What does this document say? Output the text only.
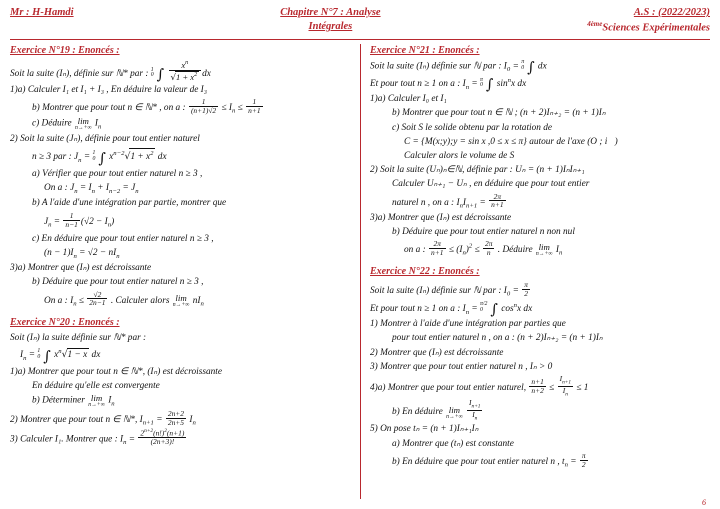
Mr : H-Hamdi	Chapitre N°7 : Analyse
Intégrales
A.S : (2022/2023)
$^{4ème}$Sciences Expérimentales
Exercice N°19 : Enoncés :
Soit la suite (Iₙ), définie sur ℕ* par : 1
0 ∫ $\frac{x^n}{√1 + x^2}$ dx
1)a) Calculer I₁ et I₁ + I₃ , En déduire la valeur de I₃
b) Montrer que pour tout n ∈ ℕ* , on a : $\frac{1}{(n+1)√2} \le I_n \le \frac{1}{n+1}$
c) Déduire lim
n→+∞ $I_n$
2) Soit la suite (Jₙ), définie pour tout entier naturel
n ≥ 3 par : $J_n = 1$
0 ∫ $x^{n-2}√1 + x^2$ dx
a) Vérifier que pour tout entier naturel n ≥ 3 ,
On a : $J_n = I_n + I_{n-2} = J_n$
b) A l'aide d'une intégration par partie, montrer que
$J_n = \frac{1}{n-1} (√2 - I_n)$
c) En déduire que pour tout entier naturel n ≥ 3 ,
$(n - 1)I_n = √2 - nI_n$
3)a) Montrer que (Iₙ) est décroissante
b) Déduire que pour tout entier naturel n ≥ 3 ,
On a : $I_n \le \frac{√2}{2n-1}$ . Calculer alors lim
n→+∞ $nI_n$
Exercice N°20 : Enoncés :
Soit (Iₙ) la suite définie sur ℕ* par :
$I_n = 1$
0 ∫ $x^n√1 - x$ dx
1)a) Montrer que pour tout n ∈ ℕ*, (Iₙ) est décroissante
En déduire qu'elle est convergente
b) Déterminer lim
n→+∞ $I_n$
2) Montrer que pour tout n ∈ ℕ*, $I_{n+1} = \frac{2n+2}{2n+5} I_n$
3) Calculer I₁. Montrer que : $I_n = \frac{2^{n+2}(n!)^2(n+1)}{(2n+3)!}$
Exercice N°21 : Enoncés :
Soit la suite (Iₙ) définie sur ℕ par : $I_0 = \pi$
0 ∫ dx
Et pour tout n ≥ 1 on a : $I_n = \pi$
0 ∫ $\sin^nx$ dx
1)a) Calculer I₀ et I₁
b) Montrer que pour tout n ∈ ℕ ; (n + 2)Iₙ₊₂ = (n + 1)Iₙ
c) Soit S le solide obtenu par la rotation de
C = {M(x;y);y = sin x ,0 ≤ x ≤ π} autour de l'axe (O ; i⃗)
Calculer alors le volume de S
2) Soit la suite (Uₙ)ₙ∈ℕ, définie par : Uₙ = (n + 1)IₙIₙ₊₁
Calculer Uₙ₊₁ − Uₙ , en déduire que pour tout entier
naturel n , on a : $I_nI_{n+1} = \frac{2\pi}{n+1}$
3)a) Montrer que (Iₙ) est décroissante
b) Déduire que pour tout entier naturel n non nul
on a : $\frac{2\pi}{n+1} \le (I_n)^2 \le \frac{2\pi}{n}$ . Déduire lim
n→+∞ $I_n$
Exercice N°22 : Enoncés :
Soit la suite (Iₙ) définie sur ℕ par : $I_0 = \frac{\pi}{2}$
Et pour tout n ≥ 1 on a : $I_n = \pi/2$
0 ∫ $\cos^nx$ dx
1) Montrer à l'aide d'une intégration par parties que
pour tout entier naturel n , on a : (n + 2)Iₙ₊₂ = (n + 1)Iₙ
2) Montrer que (Iₙ) est décroissante
3) Montrer que pour tout entier naturel n , Iₙ > 0
4)a) Montrer que pour tout entier naturel, $\frac{n+1}{n+2} \le \frac{I_{n+1}}{I_n} \le 1$
b) En déduire lim
n→+∞
$\frac{I_{n+1}}{I_n}$
5) On pose tₙ = (n + 1)Iₙ₊₁Iₙ
a) Montrer que (tₙ) est constante
b) En déduire que pour tout entier naturel n , $t_n = \frac{\pi}{2}$
6
